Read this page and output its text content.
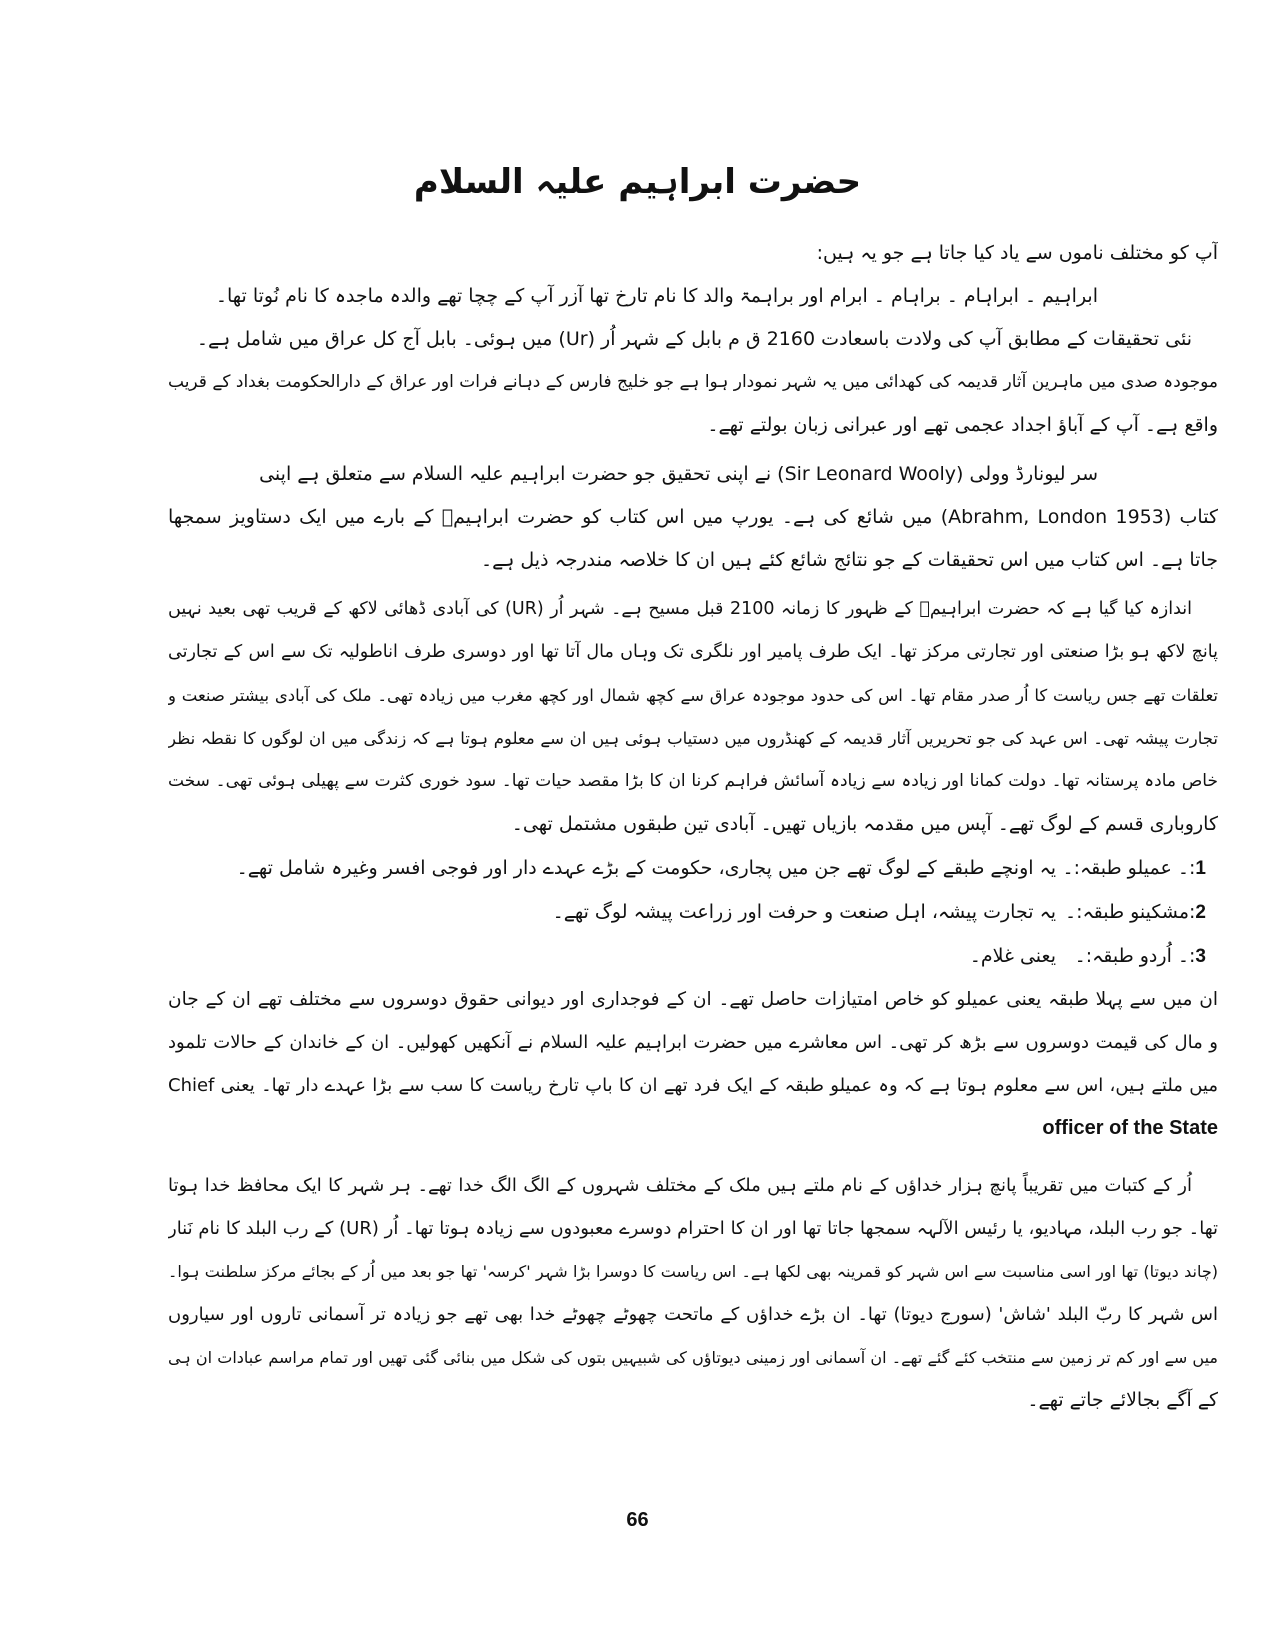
حضرت ابراہیم علیہ السلام
آپ کو مختلف ناموں سے یاد کیا جاتا ہے جو یہ ہیں:
ابراہیم ۔ ابراہام ۔ براہام ۔ ابرام اور براہمۃ والد کا نام تارخ تھا آزر آپ کے چچا تھے والدہ ماجدہ کا نام نُوتا تھا۔
نئی تحقیقات کے مطابق آپ کی ولادت باسعادت 2160 ق م بابل کے شہر اُر (Ur) میں ہوئی۔ بابل آج کل عراق میں شامل ہے۔
موجودہ صدی میں ماہرین آثار قدیمہ کی کھدائی میں یہ شہر نمودار ہوا ہے جو خلیج فارس کے دہانے فرات اور عراق کے دارالحکومت بغداد کے قریب
واقع ہے۔ آپ کے آباؤ اجداد عجمی تھے اور عبرانی زبان بولتے تھے۔
سر لیونارڈ وولی (Sir Leonard Wooly) نے اپنی تحقیق جو حضرت ابراہیم علیہ السلام سے متعلق ہے اپنی
کتاب (Abrahm, London 1953) میں شائع کی ہے۔ یورپ میں اس کتاب کو حضرت ابراہیمؑ کے بارے میں ایک دستاویز سمجھا
جاتا ہے۔ اس کتاب میں اس تحقیقات کے جو نتائج شائع کئے ہیں ان کا خلاصہ مندرجہ ذیل ہے۔
اندازہ کیا گیا ہے کہ حضرت ابراہیمؑ کے ظہور کا زمانہ 2100 قبل مسیح ہے۔ شہر اُر (UR) کی آبادی ڈھائی لاکھ کے قریب تھی بعید نہیں
پانچ لاکھ ہو بڑا صنعتی اور تجارتی مرکز تھا۔ ایک طرف پامیر اور نلگری تک وہاں مال آتا تھا اور دوسری طرف اناطولیہ تک سے اس کے تجارتی
تعلقات تھے جس ریاست کا اُر صدر مقام تھا۔ اس کی حدود موجودہ عراق سے کچھ شمال اور کچھ مغرب میں زیادہ تھی۔ ملک کی آبادی بیشتر صنعت و
تجارت پیشہ تھی۔ اس عہد کی جو تحریریں آثار قدیمہ کے کھنڈروں میں دستیاب ہوئی ہیں ان سے معلوم ہوتا ہے کہ زندگی میں ان لوگوں کا نقطہ نظر
خاص مادہ پرستانہ تھا۔ دولت کمانا اور زیادہ سے زیادہ آسائش فراہم کرنا ان کا بڑا مقصد حیات تھا۔ سود خوری کثرت سے پھیلی ہوئی تھی۔ سخت
کاروباری قسم کے لوگ تھے۔ آپس میں مقدمہ بازیاں تھیں۔ آبادی تین طبقوں مشتمل تھی۔
1:۔ عمیلو طبقہ:۔
یہ اونچے طبقے کے لوگ تھے جن میں پجاری، حکومت کے بڑے عہدے دار اور فوجی افسر وغیرہ شامل تھے۔
2:مشکینو طبقہ:۔
یہ تجارت پیشہ، اہل صنعت و حرفت اور زراعت پیشہ لوگ تھے۔
3:۔ اُردو طبقہ:۔
یعنی غلام۔
ان میں سے پہلا طبقہ یعنی عمیلو کو خاص امتیازات حاصل تھے۔ ان کے فوجداری اور دیوانی حقوق دوسروں سے مختلف تھے ان کے جان
و مال کی قیمت دوسروں سے بڑھ کر تھی۔ اس معاشرے میں حضرت ابراہیم علیہ السلام نے آنکھیں کھولیں۔ ان کے خاندان کے حالات تلمود
میں ملتے ہیں، اس سے معلوم ہوتا ہے کہ وہ عمیلو طبقہ کے ایک فرد تھے ان کا باپ تارخ ریاست کا سب سے بڑا عہدے دار تھا۔ یعنی Chief
officer of the State
اُر کے کتبات میں تقریباً پانچ ہزار خداؤں کے نام ملتے ہیں ملک کے مختلف شہروں کے الگ الگ خدا تھے۔ ہر شہر کا ایک محافظ خدا ہوتا
تھا۔ جو رب البلد، مہادیو، یا رئیس الآلہہ سمجھا جاتا تھا اور ان کا احترام دوسرے معبودوں سے زیادہ ہوتا تھا۔ اُر (UR) کے رب البلد کا نام نَنار
(چاند دیوتا) تھا اور اسی مناسبت سے اس شہر کو قمرینہ بھی لکھا ہے۔ اس ریاست کا دوسرا بڑا شہر 'کرسہ' تھا جو بعد میں اُر کے بجائے مرکز سلطنت ہوا۔
اس شہر کا ربّ البلد 'شاش' (سورج دیوتا) تھا۔ ان بڑے خداؤں کے ماتحت چھوٹے چھوٹے خدا بھی تھے جو زیادہ تر آسمانی تاروں اور سیاروں
میں سے اور کم تر زمین سے منتخب کئے گئے تھے۔ ان آسمانی اور زمینی دیوتاؤں کی شبیہیں بتوں کی شکل میں بنائی گئی تھیں اور تمام مراسم عبادات ان ہی
کے آگے بجالائے جاتے تھے۔
66
